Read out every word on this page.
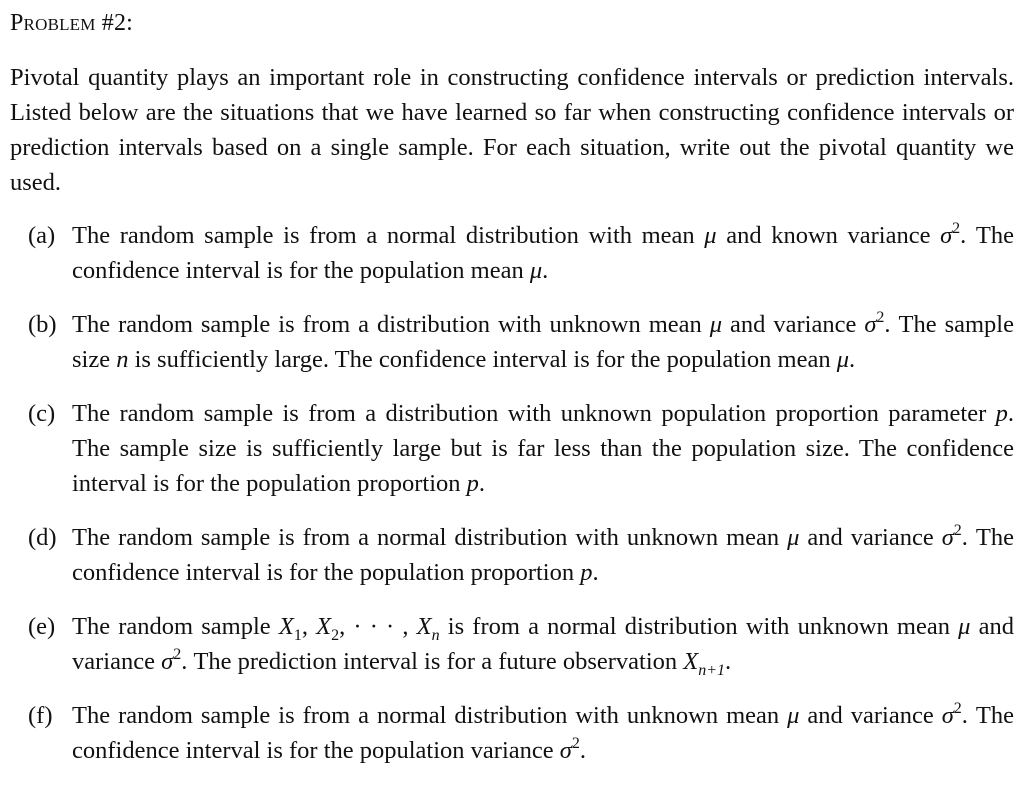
Problem #2:

Pivotal quantity plays an important role in constructing confidence intervals or prediction intervals. Listed below are the situations that we have learned so far when constructing confidence intervals or prediction intervals based on a single sample. For each situation, write out the pivotal quantity we used.

(a) The random sample is from a normal distribution with mean μ and known variance $\sigma^2$. The confidence interval is for the population mean μ.
(b) The random sample is from a distribution with unknown mean μ and variance $\sigma^2$. The sample size n is sufficiently large. The confidence interval is for the population mean μ.
(c) The random sample is from a distribution with unknown population proportion parameter p. The sample size is sufficiently large but is far less than the population size. The confidence interval is for the population proportion p.
(d) The random sample is from a normal distribution with unknown mean μ and variance $\sigma^2$. The confidence interval is for the population proportion p.
(e) The random sample $X_1$, $X_2$, · · · , $X_n$ is from a normal distribution with unknown mean μ and variance $\sigma^2$. The prediction interval is for a future observation $X_{n+1}$.
(f) The random sample is from a normal distribution with unknown mean μ and variance $\sigma^2$. The confidence interval is for the population variance $\sigma^2$.
